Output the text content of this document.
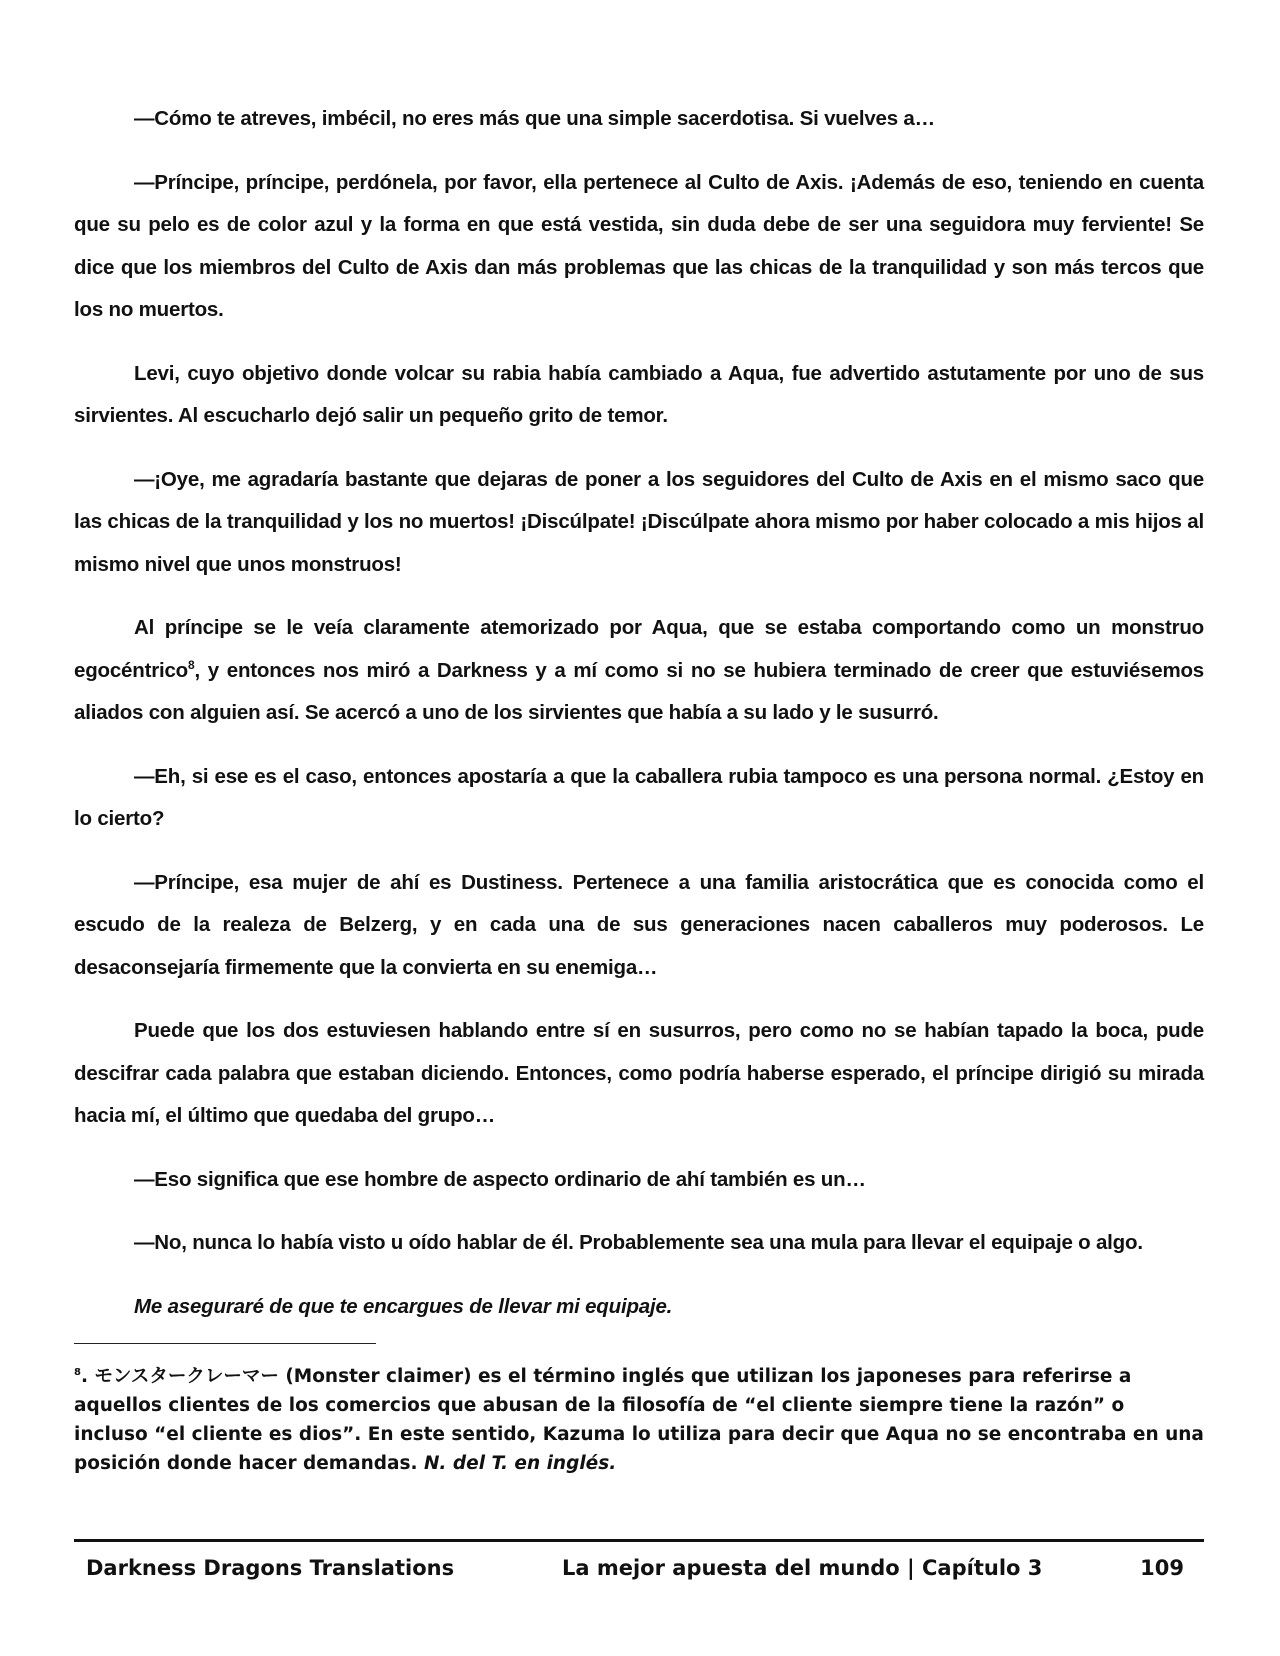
—Cómo te atreves, imbécil, no eres más que una simple sacerdotisa. Si vuelves a…

—Príncipe, príncipe, perdónela, por favor, ella pertenece al Culto de Axis. ¡Además de eso, teniendo en cuenta que su pelo es de color azul y la forma en que está vestida, sin duda debe de ser una seguidora muy ferviente! Se dice que los miembros del Culto de Axis dan más problemas que las chicas de la tranquilidad y son más tercos que los no muertos.

Levi, cuyo objetivo donde volcar su rabia había cambiado a Aqua, fue advertido astutamente por uno de sus sirvientes. Al escucharlo dejó salir un pequeño grito de temor.

—¡Oye, me agradaría bastante que dejaras de poner a los seguidores del Culto de Axis en el mismo saco que las chicas de la tranquilidad y los no muertos! ¡Discúlpate! ¡Discúlpate ahora mismo por haber colocado a mis hijos al mismo nivel que unos monstruos!

Al príncipe se le veía claramente atemorizado por Aqua, que se estaba comportando como un monstruo egocéntrico$^8$, y entonces nos miró a Darkness y a mí como si no se hubiera terminado de creer que estuviésemos aliados con alguien así. Se acercó a uno de los sirvientes que había a su lado y le susurró.

—Eh, si ese es el caso, entonces apostaría a que la caballera rubia tampoco es una persona normal. ¿Estoy en lo cierto?

—Príncipe, esa mujer de ahí es Dustiness. Pertenece a una familia aristocrática que es conocida como el escudo de la realeza de Belzerg, y en cada una de sus generaciones nacen caballeros muy poderosos. Le desaconsejaría firmemente que la convierta en su enemiga…

Puede que los dos estuviesen hablando entre sí en susurros, pero como no se habían tapado la boca, pude descifrar cada palabra que estaban diciendo. Entonces, como podría haberse esperado, el príncipe dirigió su mirada hacia mí, el último que quedaba del grupo…

—Eso significa que ese hombre de aspecto ordinario de ahí también es un…

—No, nunca lo había visto u oído hablar de él. Probablemente sea una mula para llevar el equipaje o algo.

Me aseguraré de que te encargues de llevar mi equipaje.

$^8$. モンスタークレーマー (Monster claimer) es el término inglés que utilizan los japoneses para referirse a aquellos clientes de los comercios que abusan de la filosofía de “el cliente siempre tiene la razón” o incluso “el cliente es dios”. En este sentido, Kazuma lo utiliza para decir que Aqua no se encontraba en una posición donde hacer demandas. N. del T. en inglés.

Darkness Dragons Translations	La mejor apuesta del mundo | Capítulo 3	109
